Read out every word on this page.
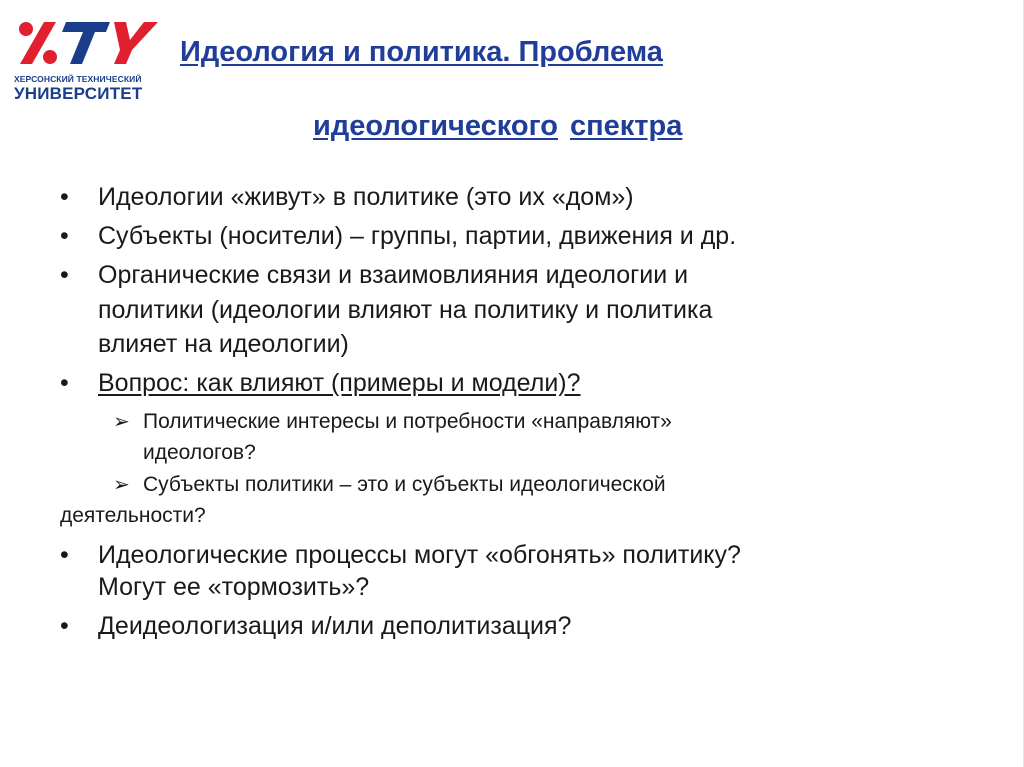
ХЕРСОНСКИЙ ТЕХНИЧЕСКИЙ
УНИВЕРСИТЕТ
Идеология и политика. Проблема
идеологического спектра
•	Идеологии «живут» в политике (это их «дом»)
•	Субъекты (носители) – группы, партии, движения и др.
•	Органические связи и взаимовлияния идеологии и
политики (идеологии влияют на политику и политика
влияет на идеологии)
•	Вопрос: как влияют (примеры и модели)?
➢ Политические интересы и потребности «направляют»
идеологов?
➢ Субъекты политики – это и субъекты идеологической
деятельности?
•	Идеологические процессы могут «обгонять» политику?
Могут ее «тормозить»?
•	Деидеологизация и/или деполитизация?
